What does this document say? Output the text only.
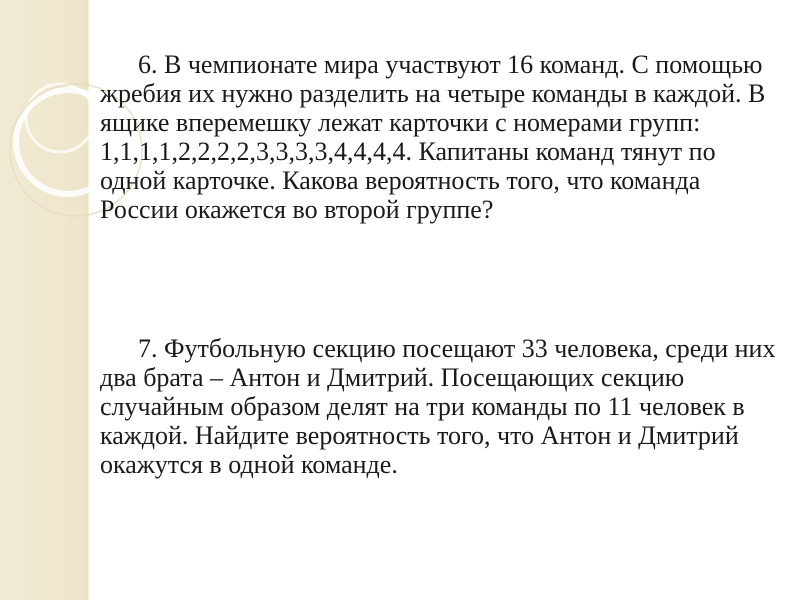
6. В чемпионате мира участвуют 16 команд. С помощью жребия их нужно разделить на четыре команды в каждой. В ящике вперемешку лежат карточки с номерами групп: 1,1,1,1,2,2,2,2,3,3,3,3,4,4,4,4. Капитаны команд тянут по одной карточке. Какова вероятность того, что команда России окажется во второй группе?

7. Футбольную секцию посещают 33 человека, среди них два брата – Антон и Дмитрий. Посещающих секцию случайным образом делят на три команды по 11 человек в каждой. Найдите вероятность того, что Антон и Дмитрий окажутся в одной команде.
